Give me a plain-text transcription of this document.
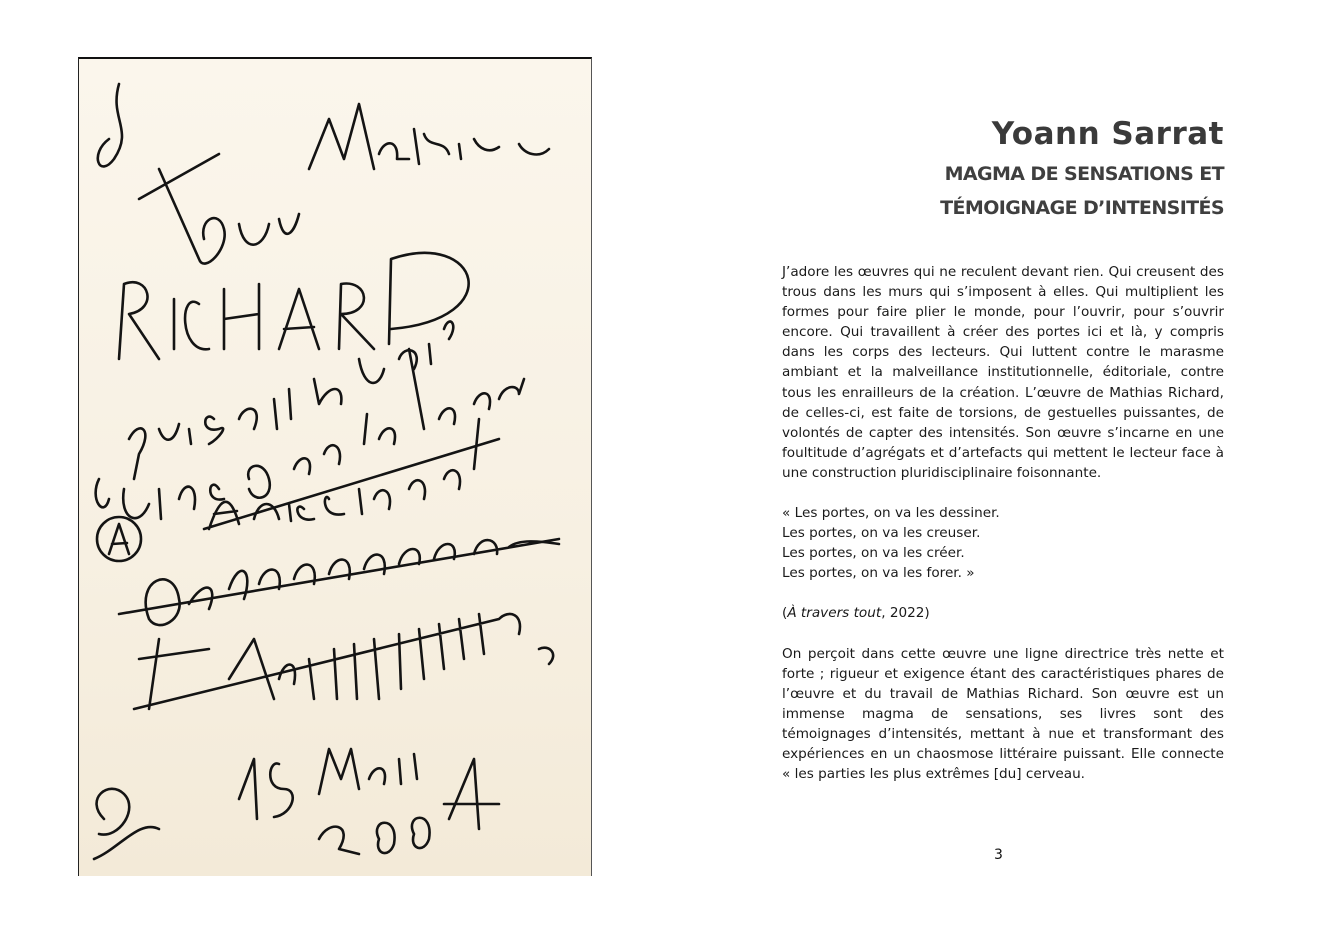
Yoann Sarrat
MAGMA DE SENSATIONS ET
TÉMOIGNAGE D’INTENSITÉS

J’adore les œuvres qui ne reculent devant rien. Qui creusent des trous dans les murs qui s’imposent à elles. Qui multiplient les formes pour faire plier le monde, pour l’ouvrir, pour s’ouvrir encore. Qui travaillent à créer des portes ici et là, y compris dans les corps des lecteurs. Qui luttent contre le marasme ambiant et la malveillance institutionnelle, éditoriale, contre tous les enrailleurs de la création. L’œuvre de Mathias Richard, de celles-ci, est faite de torsions, de gestuelles puissantes, de volontés de capter des intensités. Son œuvre s’incarne en une foultitude d’agrégats et d’artefacts qui mettent le lecteur face à une construction pluridisciplinaire foisonnante.

« Les portes, on va les dessiner.
Les portes, on va les creuser.
Les portes, on va les créer.
Les portes, on va les forer. »

(À travers tout, 2022)

On perçoit dans cette œuvre une ligne directrice très nette et forte ; rigueur et exigence étant des caractéristiques phares de l’œuvre et du travail de Mathias Richard. Son œuvre est un immense magma de sensations, ses livres sont des témoignages d’intensités, mettant à nue et transformant des expériences en un chaosmose littéraire puissant. Elle connecte « les parties les plus extrêmes [du] cerveau.

3
